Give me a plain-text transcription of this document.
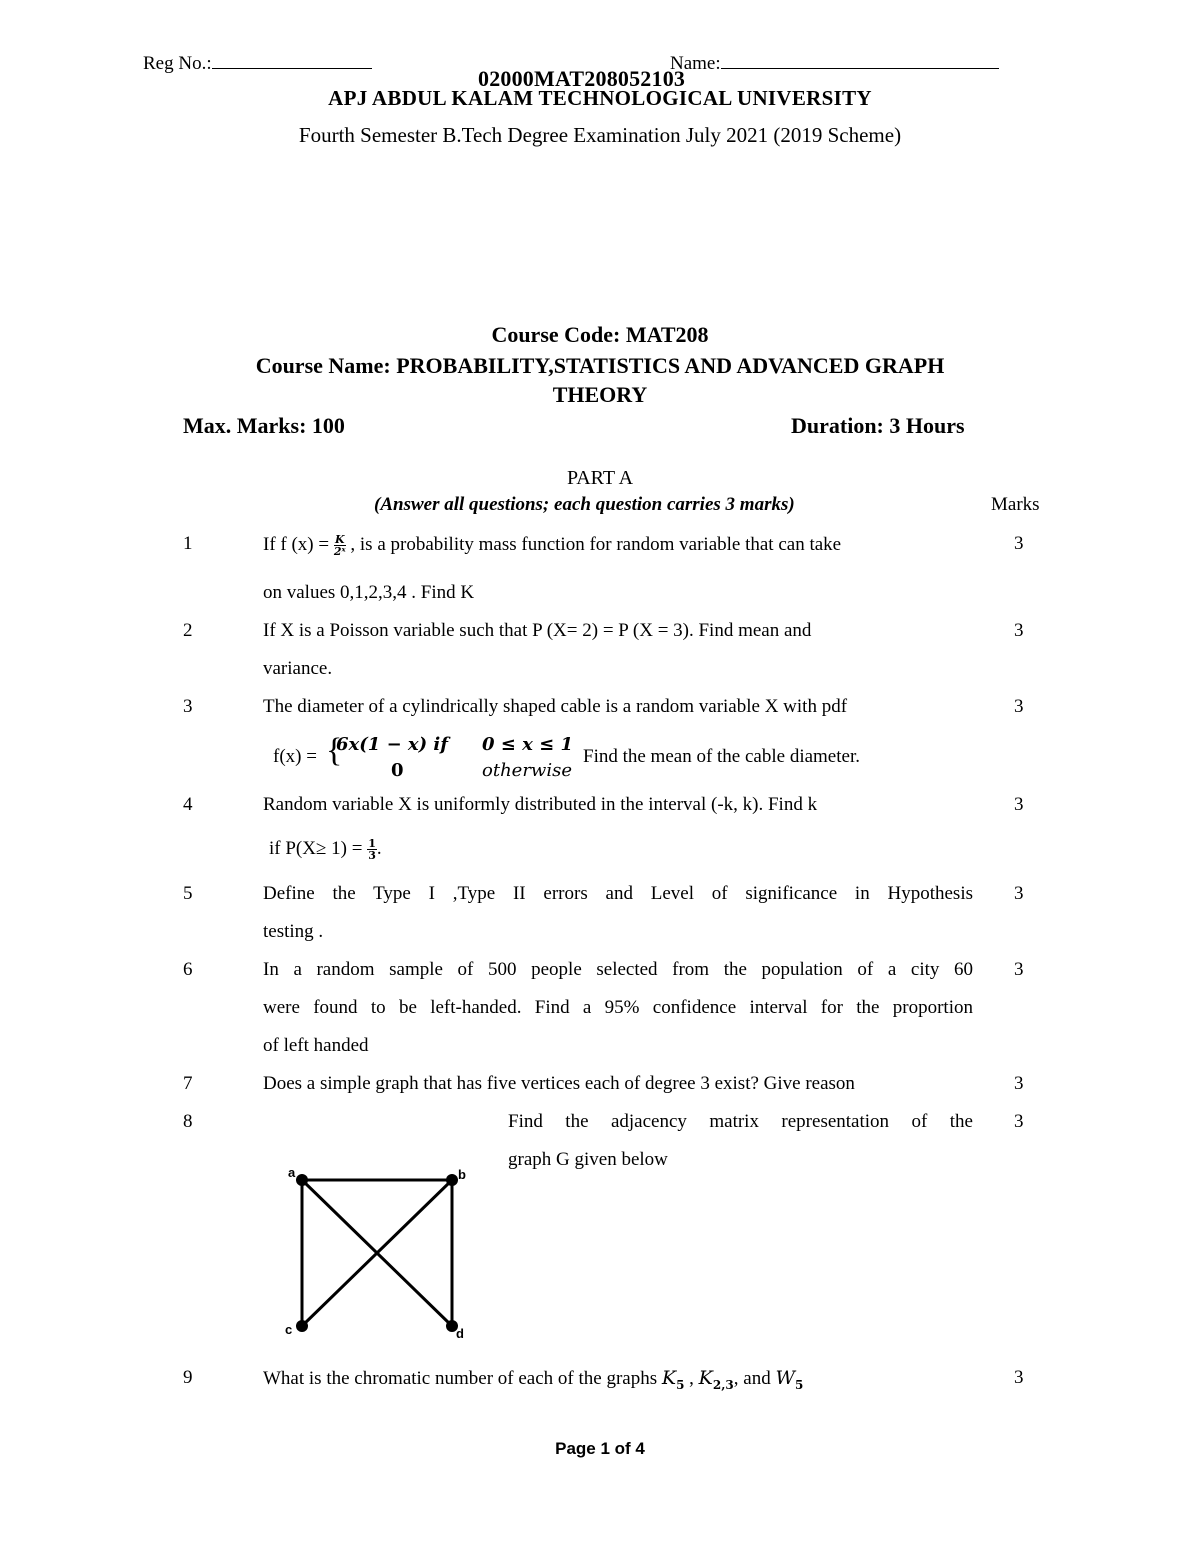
Reg No.:	Name:
02000MAT208052103
APJ ABDUL KALAM TECHNOLOGICAL UNIVERSITY
Fourth Semester B.Tech Degree Examination July 2021 (2019 Scheme)
Course Code: MAT208
Course Name: PROBABILITY,STATISTICS AND ADVANCED GRAPH
THEORY
Max. Marks: 100	Duration: 3 Hours
PART A
(Answer all questions; each question carries 3 marks)	Marks
1	If f $(x) = \frac{K}{\text{2ˣ}}$ , is a probability mass function for random variable that can take
on values 0,1,2,3,4 . Find K
3
2	If X is a Poisson variable such that P (X= 2) = P (X = 3). Find mean and
variance.
3
3	The diameter of a cylindrically shaped cable is a random variable X with pdf	3
f(x) = {
6x(1 − x) if 0 ≤ x ≤ 1
0	otherwise
Find the mean of the cable diameter.
4	Random variable X is uniformly distributed in the interval (-k, k). Find k	3
if $P(X\ge 1) = \frac{1}{3}$ .
5	Define the Type I ,Type II errors and Level of significance in Hypothesis
testing .
3
6	In a random sample of 500 people selected from the population of a city 60
were found to be left-handed. Find a 95% confidence interval for the proportion
of left handed
3
7	Does a simple graph that has five vertices each of degree 3 exist? Give reason	3
8	Find the adjacency matrix representation of the
graph G given below
3
a	b
c	d
9	What is the chromatic number of each of the graphs $K_5$ , $K_{2,3}$, and $W_5$	3
Page 1 of 4
